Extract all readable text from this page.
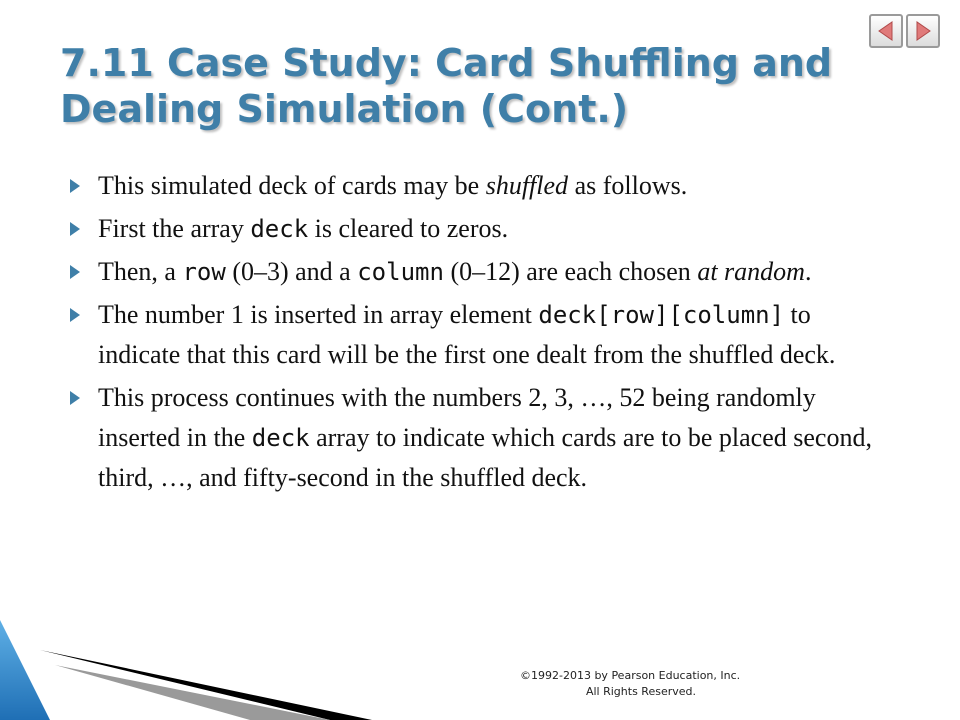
7.11 Case Study: Card Shuffling and Dealing Simulation (Cont.)
This simulated deck of cards may be shuffled as follows.
First the array deck is cleared to zeros.
Then, a row (0–3) and a column (0–12) are each chosen at random.
The number 1 is inserted in array element deck[row][column] to indicate that this card will be the first one dealt from the shuffled deck.
This process continues with the numbers 2, 3, …, 52 being randomly inserted in the deck array to indicate which cards are to be placed second, third, …, and fifty-second in the shuffled deck.
©1992-2013 by Pearson Education, Inc.
All Rights Reserved.
